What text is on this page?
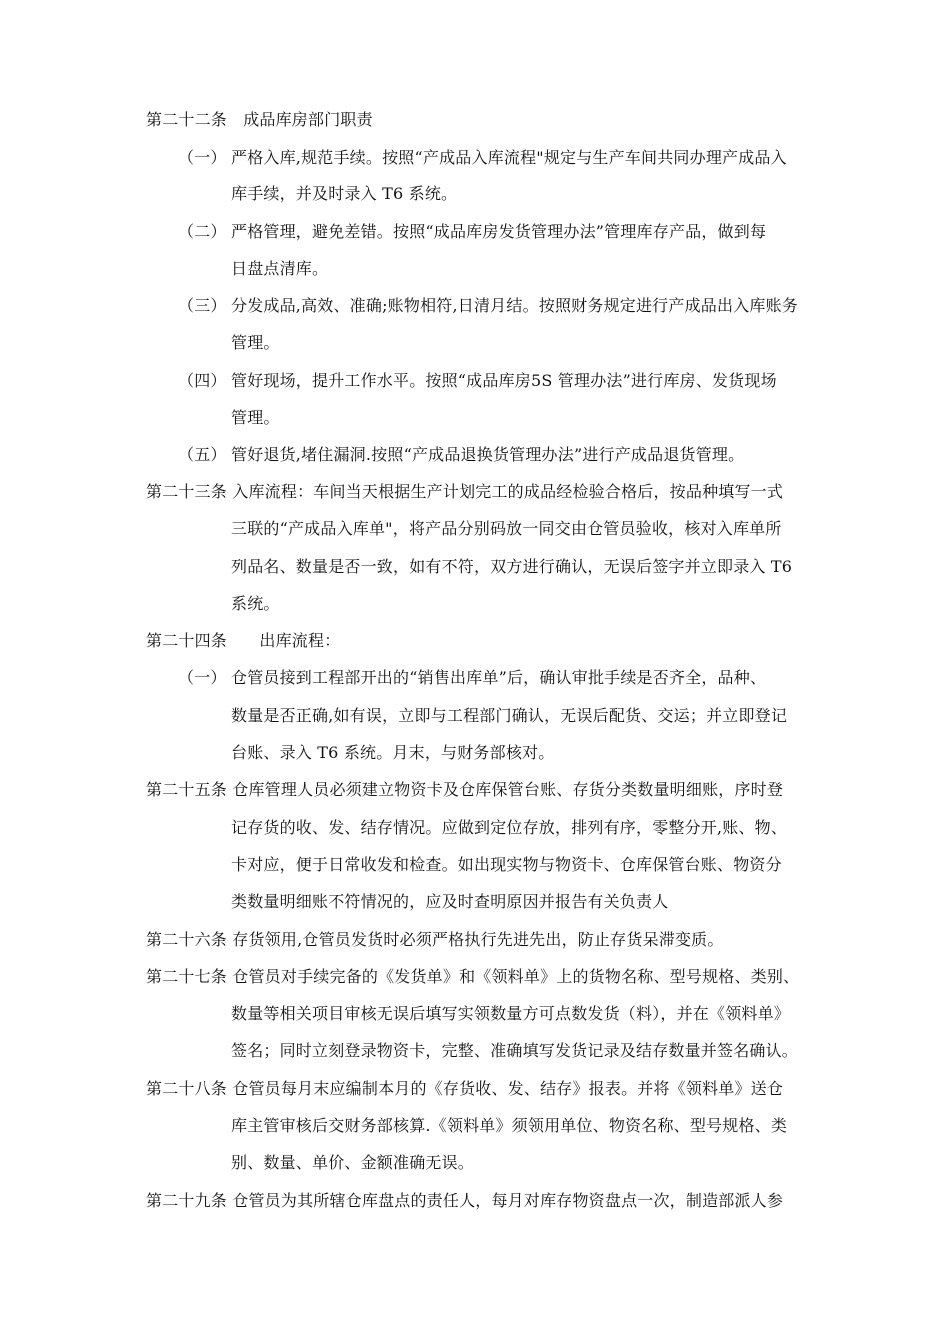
第二十二条　成品库房部门职责
（一） 严格入库,规范手续。按照“产成品入库流程"规定与生产车间共同办理产成品入
库手续，并及时录入 T6 系统。
（二） 严格管理，避免差错。按照“成品库房发货管理办法”管理库存产品，做到每
日盘点清库。
（三） 分发成品,高效、准确;账物相符,日清月结。按照财务规定进行产成品出入库账务
管理。
（四） 管好现场，提升工作水平。按照“成品库房5S 管理办法”进行库房、发货现场
管理。
（五） 管好退货,堵住漏洞.按照“产成品退换货管理办法”进行产成品退货管理。
第二十三条 入库流程：车间当天根据生产计划完工的成品经检验合格后，按品种填写一式
三联的“产成品入库单"，将产品分别码放一同交由仓管员验收，核对入库单所
列品名、数量是否一致，如有不符，双方进行确认，无误后签字并立即录入 T6
系统。
第二十四条　　出库流程：
（一） 仓管员接到工程部开出的“销售出库单”后，确认审批手续是否齐全，品种、
数量是否正确,如有误，立即与工程部门确认，无误后配货、交运；并立即登记
台账、录入 T6 系统。月末，与财务部核对。
第二十五条 仓库管理人员必须建立物资卡及仓库保管台账、存货分类数量明细账，序时登
记存货的收、发、结存情况。应做到定位存放，排列有序，零整分开,账、物、
卡对应，便于日常收发和检查。如出现实物与物资卡、仓库保管台账、物资分
类数量明细账不符情况的，应及时查明原因并报告有关负责人
第二十六条 存货领用,仓管员发货时必须严格执行先进先出，防止存货呆滞变质。
第二十七条 仓管员对手续完备的《发货单》和《领料单》上的货物名称、型号规格、类别、
数量等相关项目审核无误后填写实领数量方可点数发货（料），并在《领料单》
签名；同时立刻登录物资卡，完整、准确填写发货记录及结存数量并签名确认。
第二十八条 仓管员每月末应编制本月的《存货收、发、结存》报表。并将《领料单》送仓
库主管审核后交财务部核算.《领料单》须领用单位、物资名称、型号规格、类
别、数量、单价、金额准确无误。
第二十九条 仓管员为其所辖仓库盘点的责任人，每月对库存物资盘点一次，制造部派人参
